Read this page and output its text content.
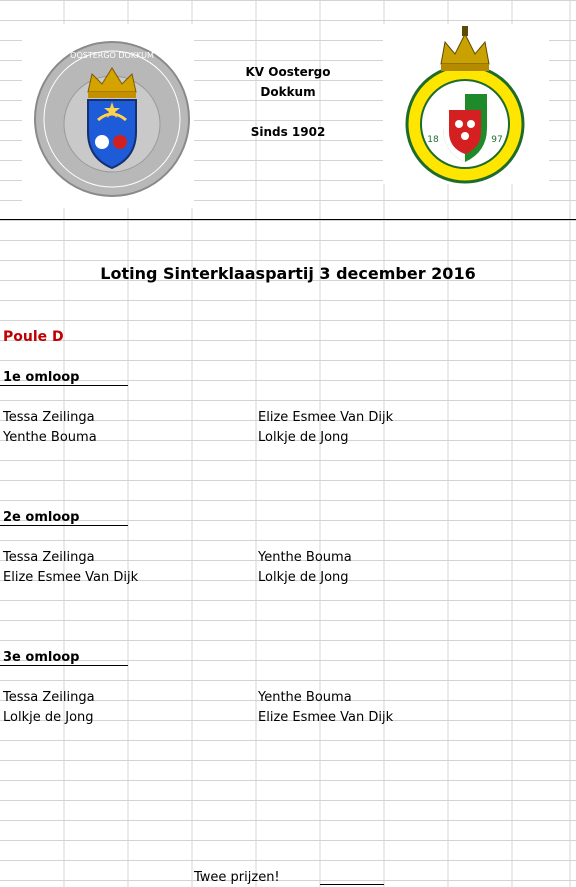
OOSTERGO DOKKUM
KV Oostergo
Dokkum
Sinds 1902
18	97
Loting Sinterklaaspartij 3 december 2016
Poule D
1e omloop
Tessa Zeilinga	Elize Esmee Van Dijk
Yenthe Bouma	Lolkje de Jong
2e omloop
Tessa Zeilinga	Yenthe Bouma
Elize Esmee Van Dijk	Lolkje de Jong
3e omloop
Tessa Zeilinga	Yenthe Bouma
Lolkje de Jong	Elize Esmee Van Dijk
Twee prijzen!
